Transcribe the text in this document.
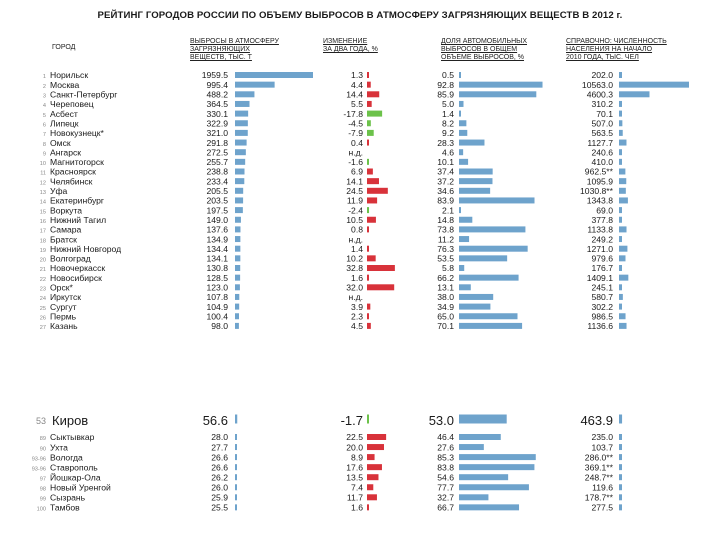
РЕЙТИНГ ГОРОДОВ РОССИИ ПО ОБЪЕМУ ВЫБРОСОВ В АТМОСФЕРУ ЗАГРЯЗНЯЮЩИХ ВЕЩЕСТВ В 2012 г.
ГОРОД
ВЫБРОСЫ В АТМОСФЕРУ
ЗАГРЯЗНЯЮЩИХ
ВЕЩЕСТВ, ТЫС. Т
ИЗМЕНЕНИЕ
ЗА ДВА ГОДА, %
ДОЛЯ АВТОМОБИЛЬНЫХ
ВЫБРОСОВ В ОБЩЕМ
ОБЪЕМЕ ВЫБРОСОВ, %
СПРАВОЧНО: ЧИСЛЕННОСТЬ
НАСЕЛЕНИЯ НА НАЧАЛО
2010 ГОДА, ТЫС. ЧЕЛ
1 Норильск	1959.5	1.3	0.5	202.0
2 Москва	995.4	4.4	92.8	10563.0
3 Санкт-Петербург	488.2	14.4	85.9	4600.3
4 Череповец	364.5	5.5	5.0	310.2
5 Асбест	330.1	-17.8	1.4	70.1
6 Липецк	322.9	-4.5	8.2	507.0
7 Новокузнецк*	321.0	-7.9	9.2	563.5
8 Омск	291.8	0.4	28.3	1127.7
9 Ангарск	272.5	н.д.	4.6	240.6
10 Магнитогорск	255.7	-1.6	10.1	410.0
11 Красноярск	238.8	6.9	37.4	962.5**
12 Челябинск	233.4	14.1	37.2	1095.9
13 Уфа	205.5	24.5	34.6	1030.8**
14 Екатеринбург	203.5	11.9	83.9	1343.8
15 Воркута	197.5	-2.4	2.1	69.0
16 Нижний Тагил	149.0	10.5	14.8	377.8
17 Самара	137.6	0.8	73.8	1133.8
18 Братск	134.9	н.д.	11.2	249.2
19 Нижний Новгород	134.4	1.4	76.3	1271.0
20 Волгоград	134.1	10.2	53.5	979.6
21 Новочеркасск	130.8	32.8	5.8	176.7
22 Новосибирск	128.5	1.6	66.2	1409.1
23 Орск*	123.0	32.0	13.1	245.1
24 Иркутск	107.8	н.д.	38.0	580.7
25 Сургут	104.9	3.9	34.9	302.2
26 Пермь	100.4	2.3	65.0	986.5
27 Казань	98.0	4.5	70.1	1136.6
53 Киров	56.6	-1.7	53.0	463.9
89 Сыктывкар	28.0	22.5	46.4	235.0
90 Ухта	27.7	20.0	27.6	103.7
93-96 Вологда	26.6	8.9	85.3	286.0**
93-96 Ставрополь	26.6	17.6	83.8	369.1**
97 Йошкар-Ола	26.2	13.5	54.6	248.7**
98 Новый Уренгой	26.0	7.4	77.7	119.6
99 Сызрань	25.9	11.7	32.7	178.7**
100 Тамбов	25.5	1.6	66.7	277.5
